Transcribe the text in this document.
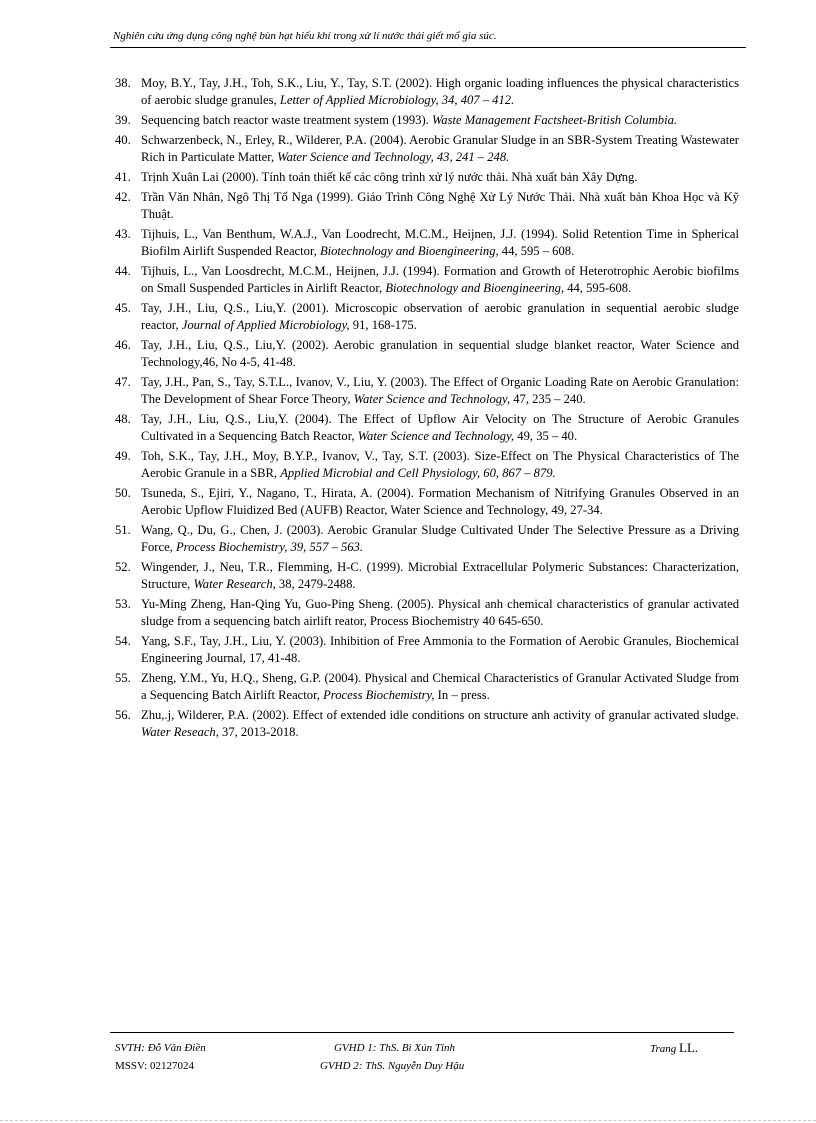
Nghiên cứu ứng dụng công nghệ bùn hạt hiếu khí trong xử lí nước thải giết mổ gia súc.
38. Moy, B.Y., Tay, J.H., Toh, S.K., Liu, Y., Tay, S.T. (2002). High organic loading influences the physical characteristics of aerobic sludge granules, Letter of Applied Microbiology, 34, 407 – 412.
39. Sequencing batch reactor waste treatment system (1993). Waste Management Factsheet-British Columbia.
40. Schwarzenbeck, N., Erley, R., Wilderer, P.A. (2004). Aerobic Granular Sludge in an SBR-System Treating Wastewater Rich in Particulate Matter, Water Science and Technology, 43, 241 – 248.
41. Trịnh Xuân Lai (2000). Tính toán thiết kế các công trình xử lý nước thải. Nhà xuất bản Xây Dựng.
42. Trần Văn Nhân, Ngô Thị Tố Nga (1999). Giáo Trình Công Nghệ Xử Lý Nước Thải. Nhà xuất bản Khoa Học và Kỹ Thuật.
43. Tijhuis, L., Van Benthum, W.A.J., Van Loodrecht, M.C.M., Heijnen, J.J. (1994). Solid Retention Time in Spherical Biofilm Airlift Suspended Reactor, Biotechnology and Bioengineering, 44, 595 – 608.
44. Tijhuis, L., Van Loosdrecht, M.C.M., Heijnen, J.J. (1994). Formation and Growth of Heterotrophic Aerobic biofilms on Small Suspended Particles in Airlift Reactor, Biotechnology and Bioengineering, 44, 595-608.
45. Tay, J.H., Liu, Q.S., Liu,Y. (2001). Microscopic observation of aerobic granulation in sequential aerobic sludge reactor, Journal of Applied Microbiology, 91, 168-175.
46. Tay, J.H., Liu, Q.S., Liu,Y. (2002). Aerobic granulation in sequential sludge blanket reactor, Water Science and Technology,46, No 4-5, 41-48.
47. Tay, J.H., Pan, S., Tay, S.T.L., Ivanov, V., Liu, Y. (2003). The Effect of Organic Loading Rate on Aerobic Granulation: The Development of Shear Force Theory, Water Science and Technology, 47, 235 – 240.
48. Tay, J.H., Liu, Q.S., Liu,Y. (2004). The Effect of Upflow Air Velocity on The Structure of Aerobic Granules Cultivated in a Sequencing Batch Reactor, Water Science and Technology, 49, 35 – 40.
49. Toh, S.K., Tay, J.H., Moy, B.Y.P., Ivanov, V., Tay, S.T. (2003). Size-Effect on The Physical Characteristics of The Aerobic Granule in a SBR, Applied Microbial and Cell Physiology, 60, 867 – 879.
50. Tsuneda, S., Ejiri, Y., Nagano, T., Hirata, A. (2004). Formation Mechanism of Nitrifying Granules Observed in an Aerobic Upflow Fluidized Bed (AUFB) Reactor, Water Science and Technology, 49, 27-34.
51. Wang, Q., Du, G., Chen, J. (2003). Aerobic Granular Sludge Cultivated Under The Selective Pressure as a Driving Force, Process Biochemistry, 39, 557 – 563.
52. Wingender, J., Neu, T.R., Flemming, H-C. (1999). Microbial Extracellular Polymeric Substances: Characterization, Structure, Water Research, 38, 2479-2488.
53. Yu-Ming Zheng, Han-Qing Yu, Guo-Ping Sheng. (2005). Physical anh chemical characteristics of granular activated sludge from a sequencing batch airlift reator, Process Biochemistry 40 645-650.
54. Yang, S.F., Tay, J.H., Liu, Y. (2003). Inhibition of Free Ammonia to the Formation of Aerobic Granules, Biochemical Engineering Journal, 17, 41-48.
55. Zheng, Y.M., Yu, H.Q., Sheng, G.P. (2004). Physical and Chemical Characteristics of Granular Activated Sludge from a Sequencing Batch Airlift Reactor, Process Biochemistry, In – press.
56. Zhu,.j, Wilderer, P.A. (2002). Effect of extended idle conditions on structure anh activity of granular activated sludge. Water Reseach, 37, 2013-2018.
SVTH: Đỗ Văn Điền
MSSV: 02127024
GVHD 1: ThS. Bì Xún Tỉnh
GVHD 2: ThS. Nguyễn Duy Hậu
Trang LL.
